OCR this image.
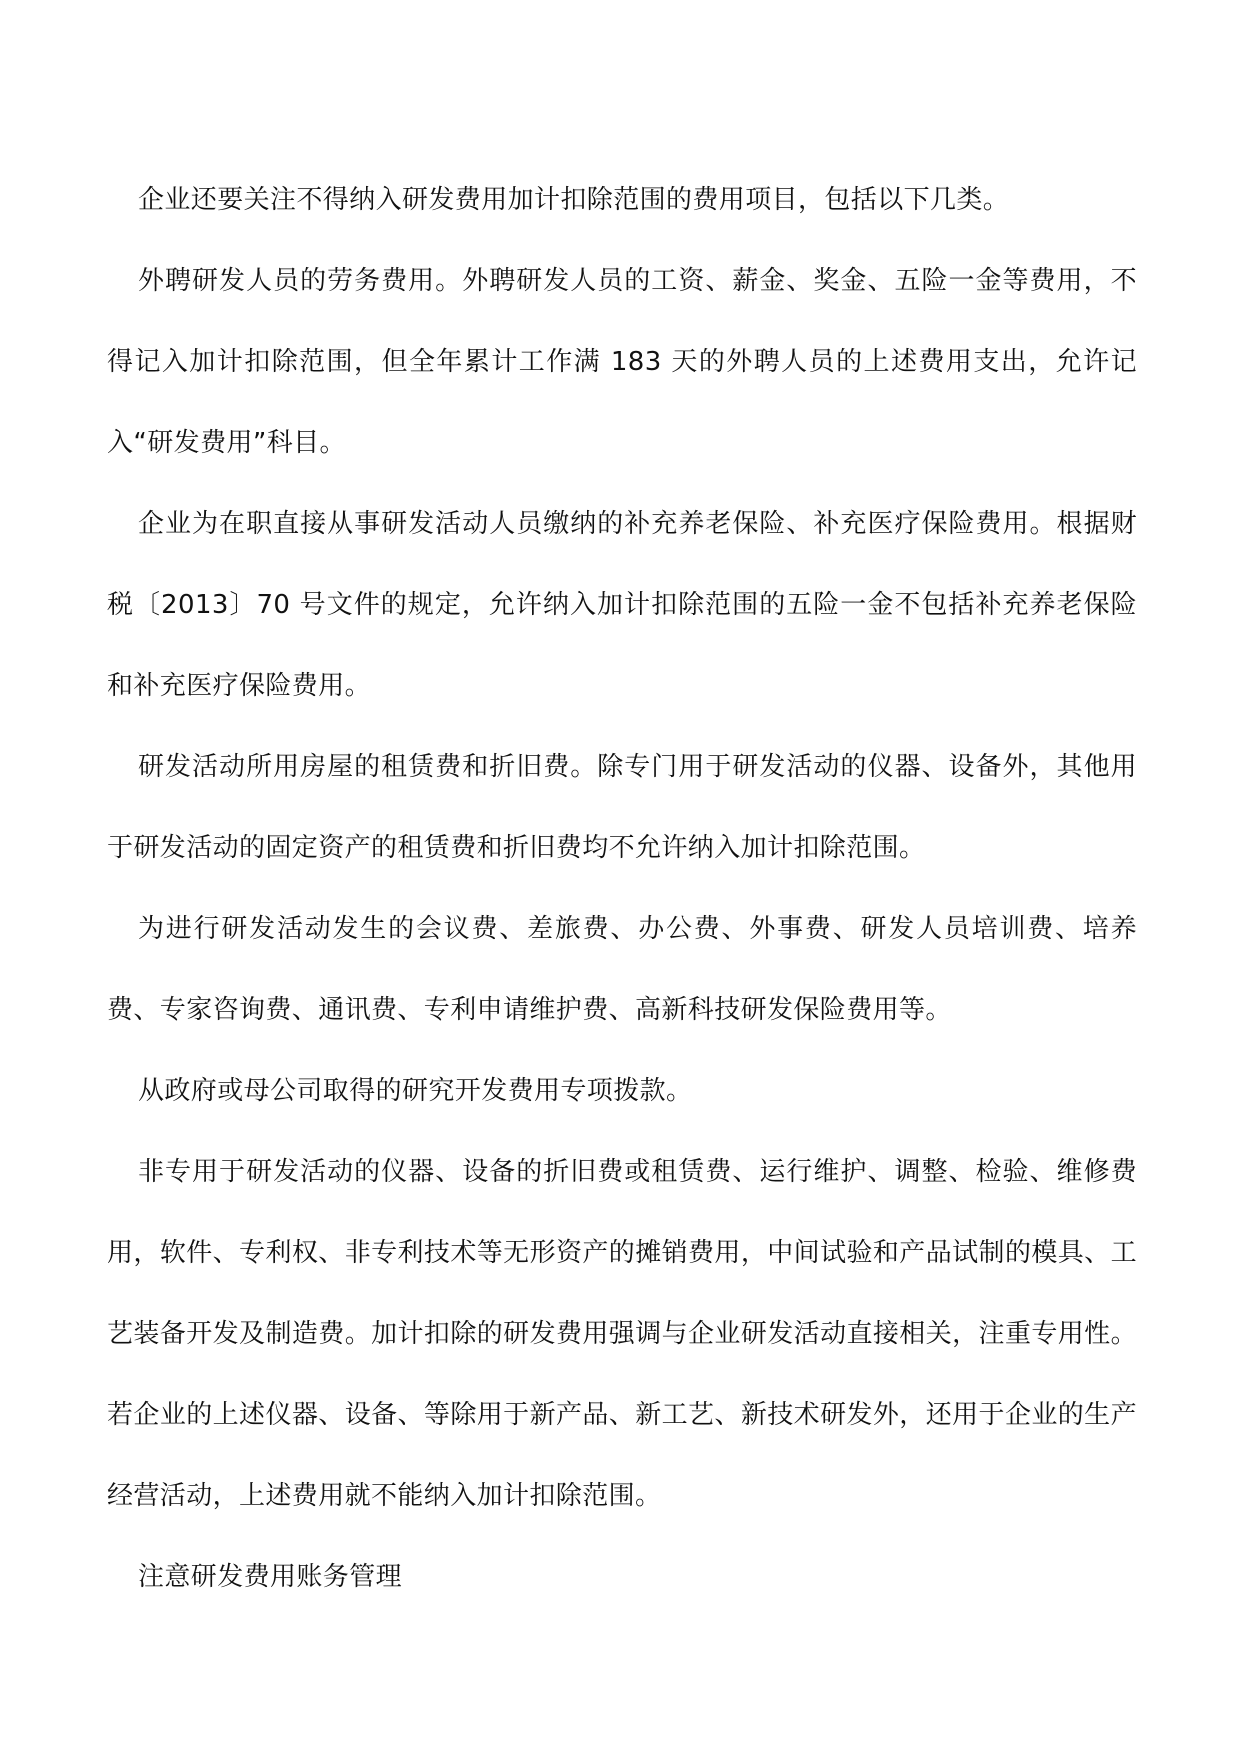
企业还要关注不得纳入研发费用加计扣除范围的费用项目，包括以下几类。

外聘研发人员的劳务费用。外聘研发人员的工资、薪金、奖金、五险一金等费用，不得记入加计扣除范围，但全年累计工作满 183 天的外聘人员的上述费用支出，允许记入“研发费用”科目。

企业为在职直接从事研发活动人员缴纳的补充养老保险、补充医疗保险费用。根据财税〔2013〕70 号文件的规定，允许纳入加计扣除范围的五险一金不包括补充养老保险和补充医疗保险费用。

研发活动所用房屋的租赁费和折旧费。除专门用于研发活动的仪器、设备外，其他用于研发活动的固定资产的租赁费和折旧费均不允许纳入加计扣除范围。

为进行研发活动发生的会议费、差旅费、办公费、外事费、研发人员培训费、培养费、专家咨询费、通讯费、专利申请维护费、高新科技研发保险费用等。

从政府或母公司取得的研究开发费用专项拨款。

非专用于研发活动的仪器、设备的折旧费或租赁费、运行维护、调整、检验、维修费用，软件、专利权、非专利技术等无形资产的摊销费用，中间试验和产品试制的模具、工艺装备开发及制造费。加计扣除的研发费用强调与企业研发活动直接相关，注重专用性。若企业的上述仪器、设备、等除用于新产品、新工艺、新技术研发外，还用于企业的生产经营活动，上述费用就不能纳入加计扣除范围。

注意研发费用账务管理
